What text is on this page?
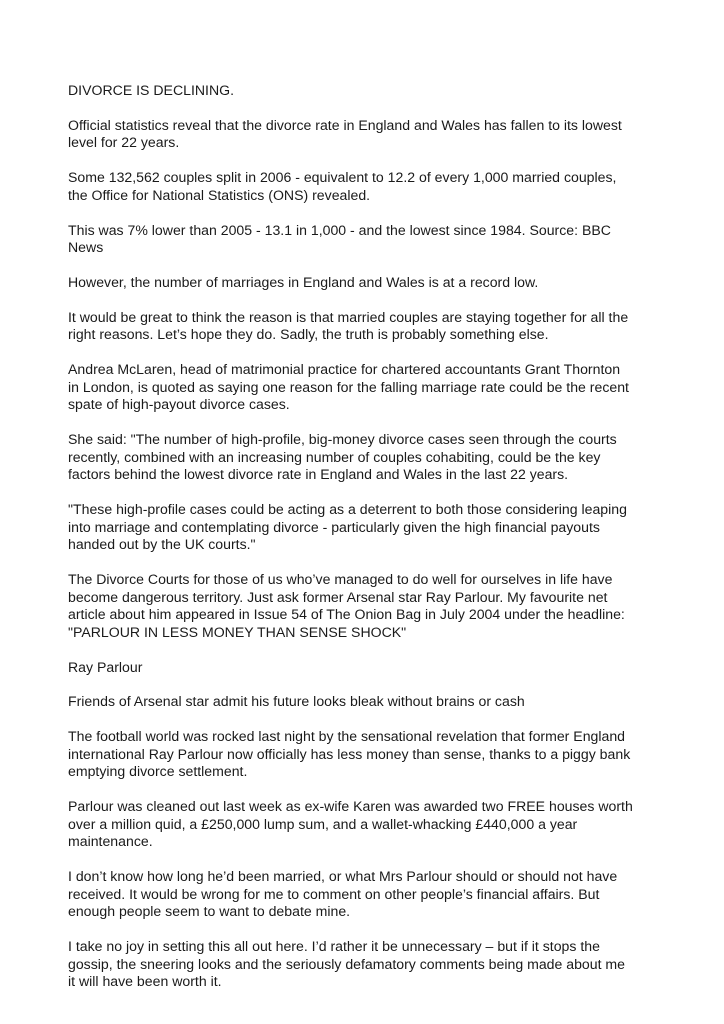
DIVORCE IS DECLINING.
Official statistics reveal that the divorce rate in England and Wales has fallen to its lowest
level for 22 years.
Some 132,562 couples split in 2006 - equivalent to 12.2 of every 1,000 married couples,
the Office for National Statistics (ONS) revealed.
This was 7% lower than 2005 - 13.1 in 1,000 - and the lowest since 1984. Source: BBC
News
However, the number of marriages in England and Wales is at a record low.
It would be great to think the reason is that married couples are staying together for all the
right reasons. Let’s hope they do. Sadly, the truth is probably something else.
Andrea McLaren, head of matrimonial practice for chartered accountants Grant Thornton
in London, is quoted as saying one reason for the falling marriage rate could be the recent
spate of high-payout divorce cases.
She said: "The number of high-profile, big-money divorce cases seen through the courts
recently, combined with an increasing number of couples cohabiting, could be the key
factors behind the lowest divorce rate in England and Wales in the last 22 years.
"These high-profile cases could be acting as a deterrent to both those considering leaping
into marriage and contemplating divorce - particularly given the high financial payouts
handed out by the UK courts."
The Divorce Courts for those of us who’ve managed to do well for ourselves in life have
become dangerous territory. Just ask former Arsenal star Ray Parlour. My favourite net
article about him appeared in Issue 54 of The Onion Bag in July 2004 under the headline:
"PARLOUR IN LESS MONEY THAN SENSE SHOCK"
Ray Parlour
Friends of Arsenal star admit his future looks bleak without brains or cash
The football world was rocked last night by the sensational revelation that former England
international Ray Parlour now officially has less money than sense, thanks to a piggy bank
emptying divorce settlement.
Parlour was cleaned out last week as ex-wife Karen was awarded two FREE houses worth
over a million quid, a £250,000 lump sum, and a wallet-whacking £440,000 a year
maintenance.
I don’t know how long he’d been married, or what Mrs Parlour should or should not have
received. It would be wrong for me to comment on other people’s financial affairs. But
enough people seem to want to debate mine.
I take no joy in setting this all out here. I’d rather it be unnecessary – but if it stops the
gossip, the sneering looks and the seriously defamatory comments being made about me
it will have been worth it.
